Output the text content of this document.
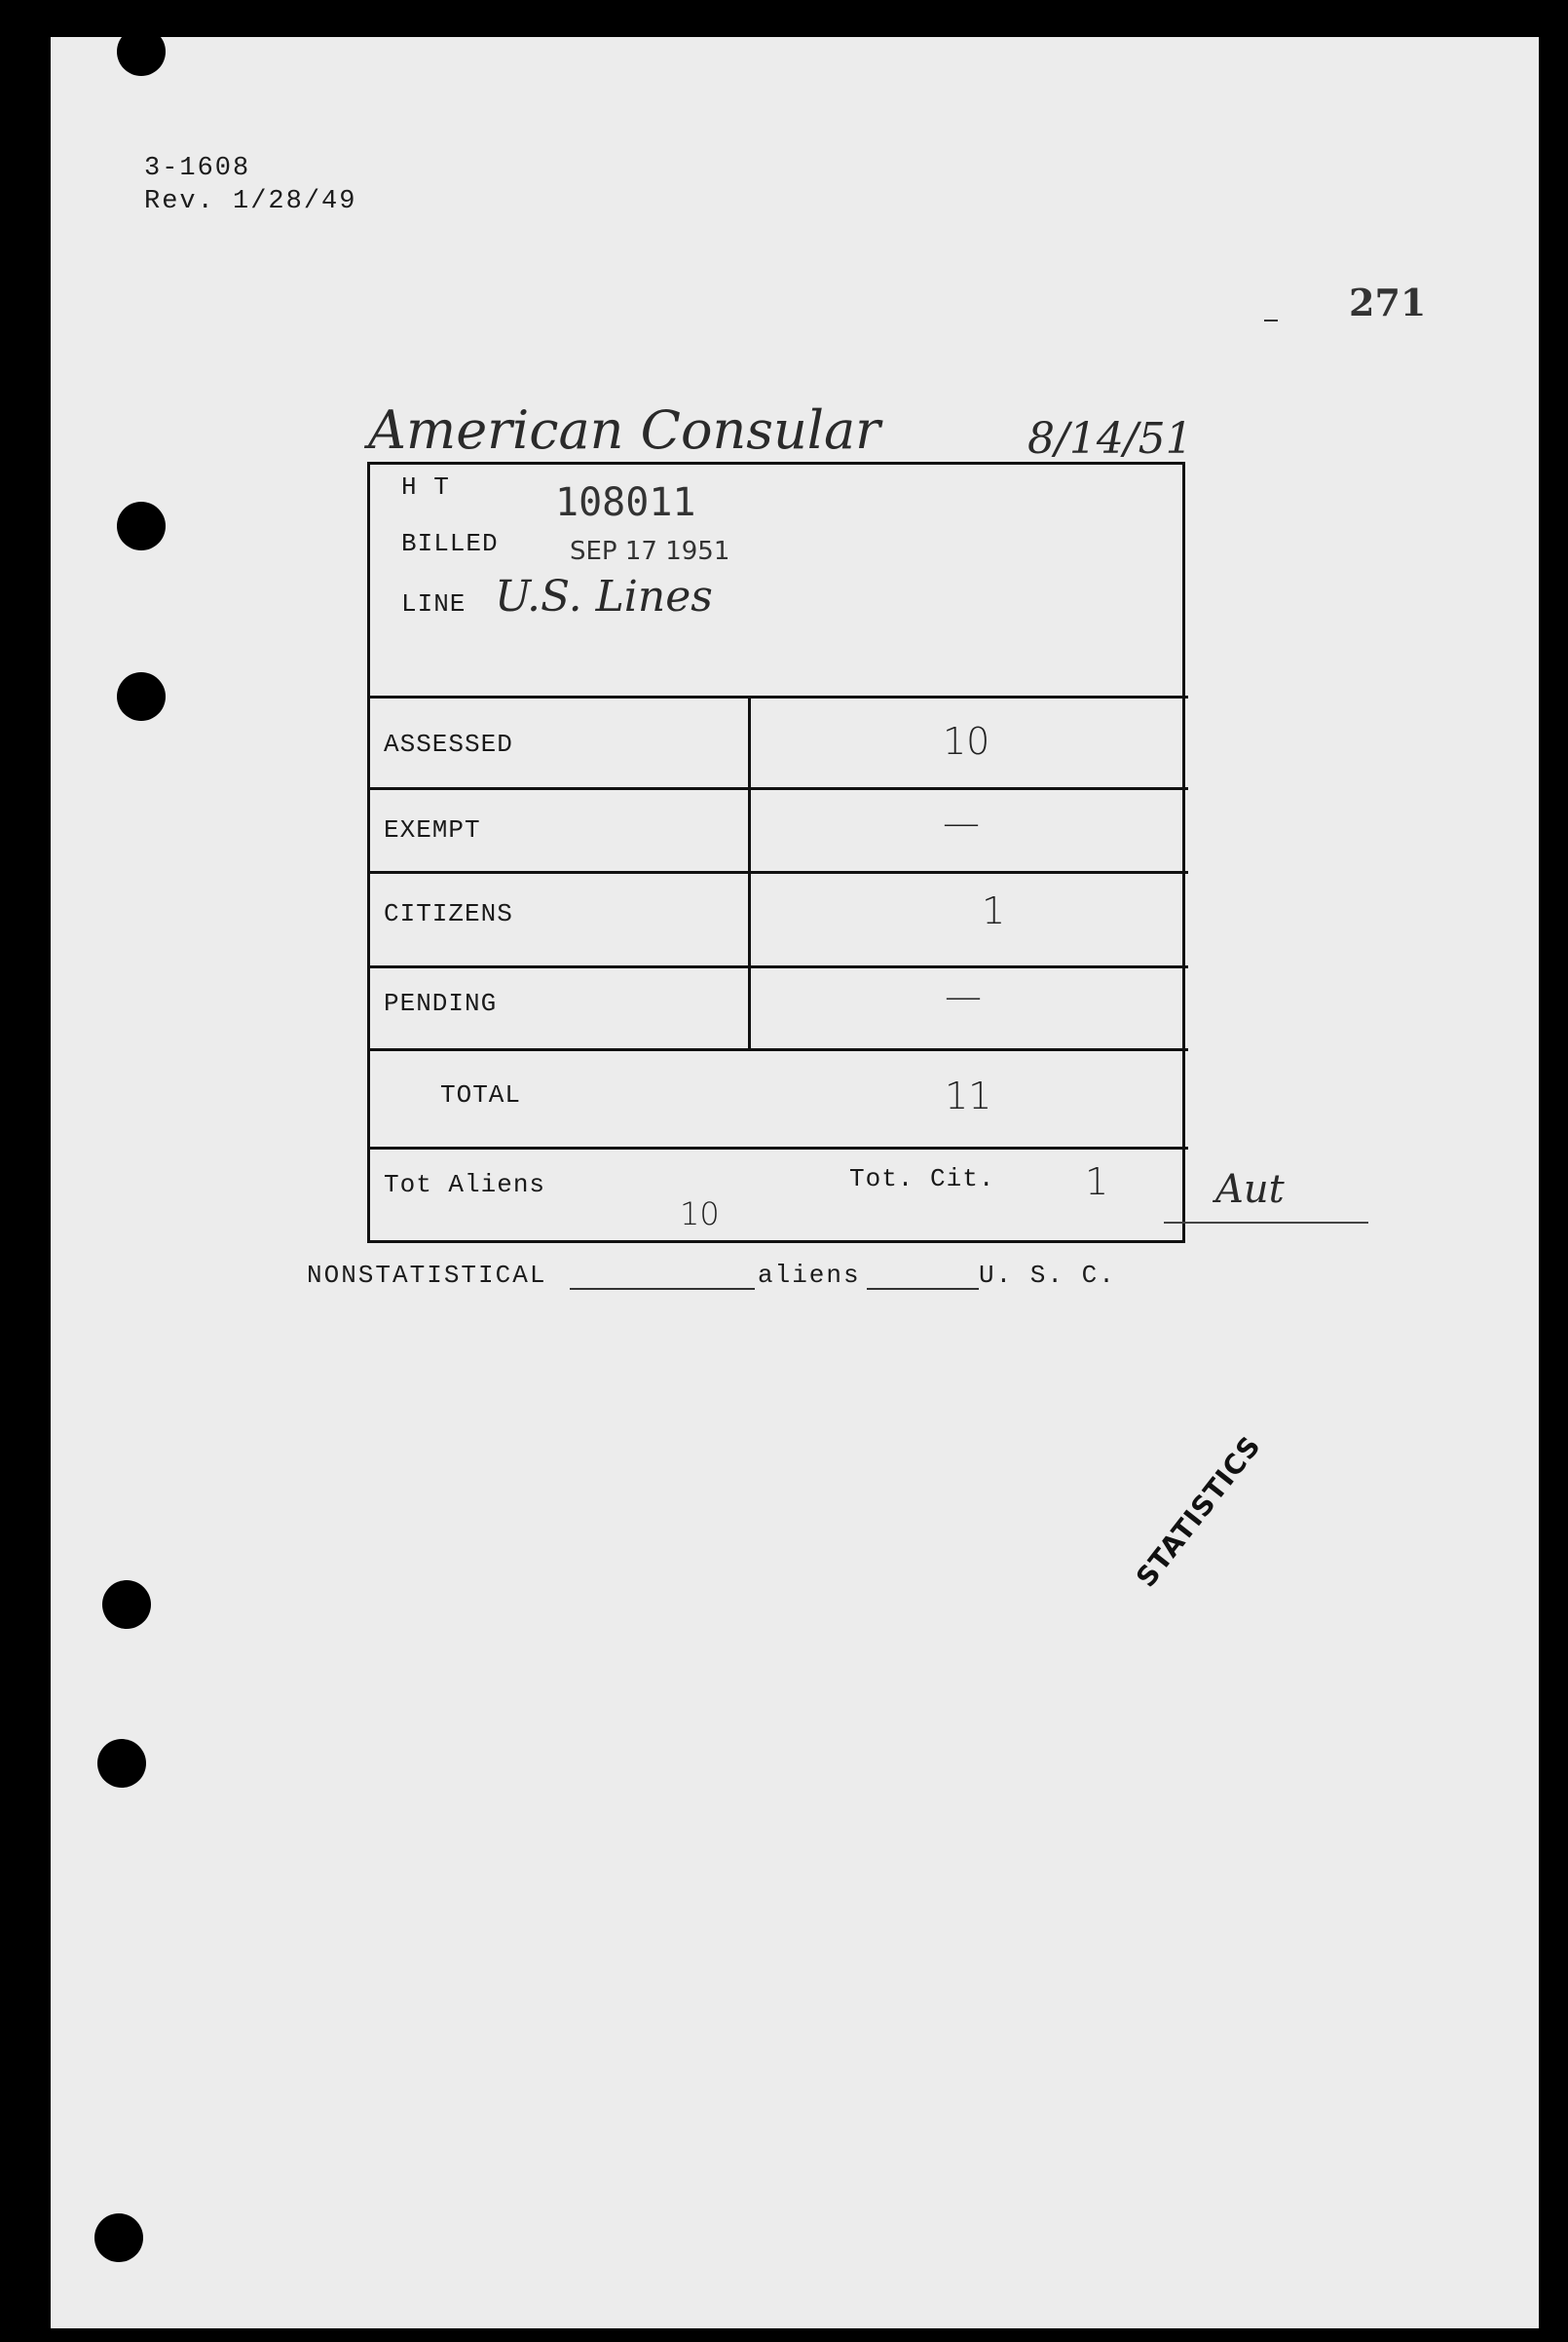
3-1608
Rev. 1/28/49
271
American Consular	8/14/51
H T	108011
BILLED	SEP 17 1951
LINE U.S. Lines
ASSESSED	10
EXEMPT	—
CITIZENS	1
PENDING	—
TOTAL	11
Tot Aliens
10
Tot. Cit. 1	Aut
NONSTATISTICAL	aliens	U. S. C.
STATISTICS
